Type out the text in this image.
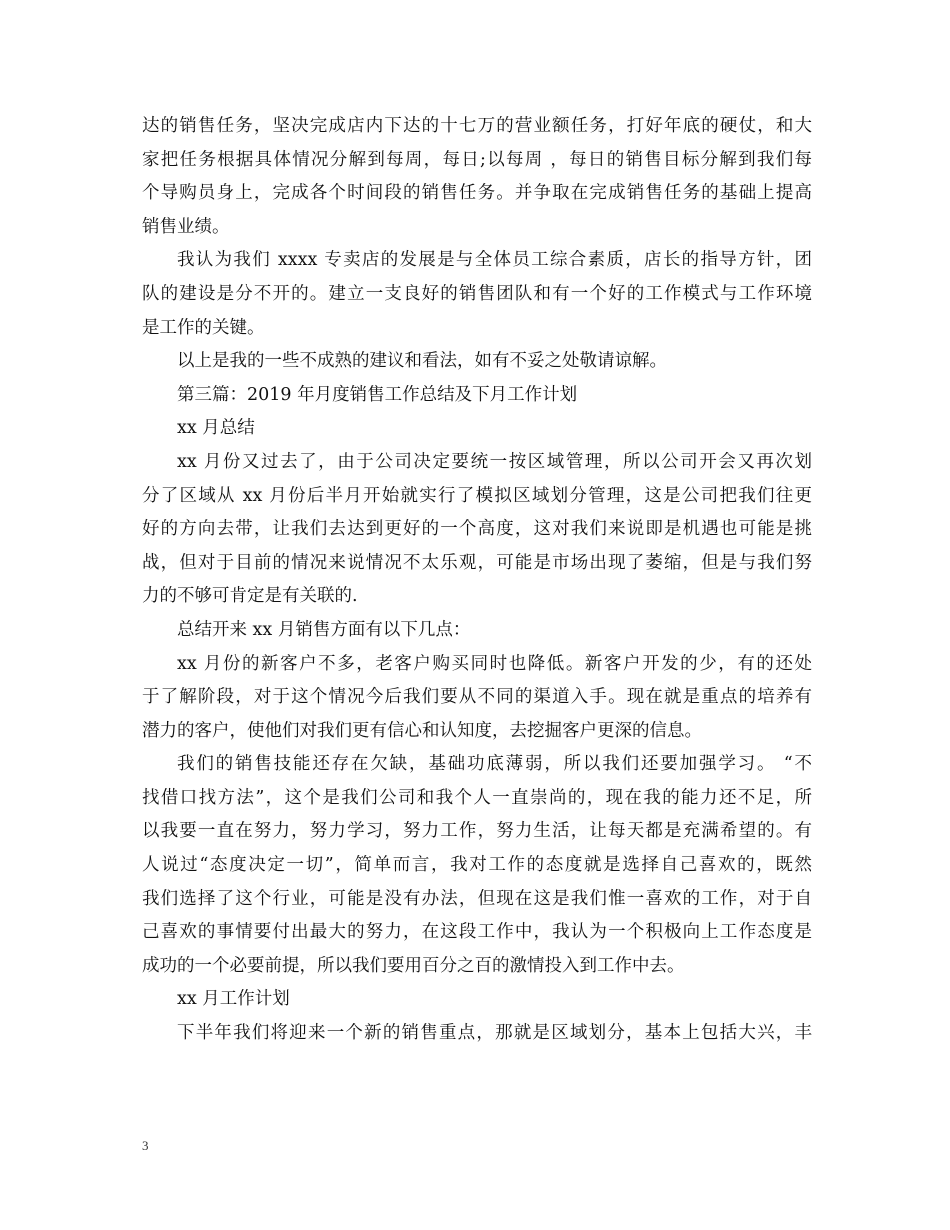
达的销售任务，坚决完成店内下达的十七万的营业额任务，打好年底的硬仗，和大
家把任务根据具体情况分解到每周，每日;以每周 ，每日的销售目标分解到我们每
个导购员身上，完成各个时间段的销售任务。并争取在完成销售任务的基础上提高
销售业绩。
我认为我们 xxxx 专卖店的发展是与全体员工综合素质，店长的指导方针，团
队的建设是分不开的。建立一支良好的销售团队和有一个好的工作模式与工作环境
是工作的关键。
以上是我的一些不成熟的建议和看法，如有不妥之处敬请谅解。
第三篇：2019 年月度销售工作总结及下月工作计划
xx 月总结
xx 月份又过去了，由于公司决定要统一按区域管理，所以公司开会又再次划
分了区域从 xx 月份后半月开始就实行了模拟区域划分管理，这是公司把我们往更
好的方向去带，让我们去达到更好的一个高度，这对我们来说即是机遇也可能是挑
战，但对于目前的情况来说情况不太乐观，可能是市场出现了萎缩，但是与我们努
力的不够可肯定是有关联的.
总结开来 xx 月销售方面有以下几点：
xx 月份的新客户不多，老客户购买同时也降低。新客户开发的少，有的还处
于了解阶段，对于这个情况今后我们要从不同的渠道入手。现在就是重点的培养有
潜力的客户，使他们对我们更有信心和认知度，去挖掘客户更深的信息。
我们的销售技能还存在欠缺，基础功底薄弱，所以我们还要加强学习。 “不
找借口找方法”，这个是我们公司和我个人一直崇尚的，现在我的能力还不足，所
以我要一直在努力，努力学习，努力工作，努力生活，让每天都是充满希望的。有
人说过“态度决定一切”，简单而言，我对工作的态度就是选择自己喜欢的，既然
我们选择了这个行业，可能是没有办法，但现在这是我们惟一喜欢的工作，对于自
己喜欢的事情要付出最大的努力，在这段工作中，我认为一个积极向上工作态度是
成功的一个必要前提，所以我们要用百分之百的激情投入到工作中去。
xx 月工作计划
下半年我们将迎来一个新的销售重点，那就是区域划分，基本上包括大兴，丰
3
